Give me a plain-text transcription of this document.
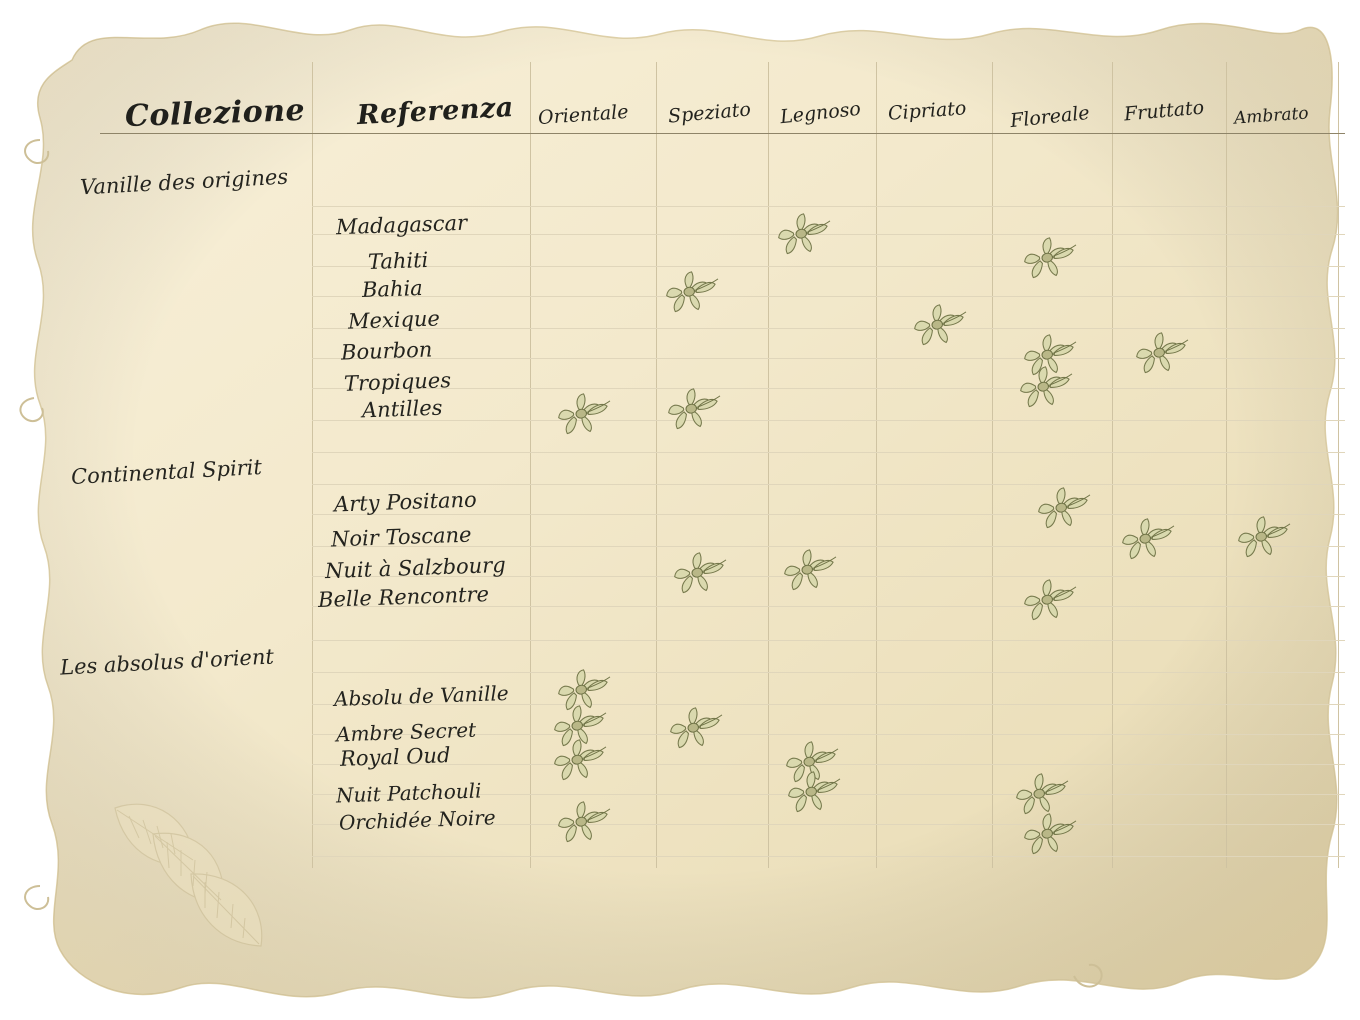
Collezione Referenza Orientale Speziato Legnoso Cipriato Floreale Fruttato Ambrato
Vanille des origines
Continental Spirit
Les absolus d'orient
Madagascar
Tahiti
Bahia
Mexique
Bourbon
Tropiques
Antilles
Arty Positano
Noir Toscane
Nuit à Salzbourg
Belle Rencontre
Absolu de Vanille
Ambre Secret
Royal Oud
Nuit Patchouli
Orchidée Noire
